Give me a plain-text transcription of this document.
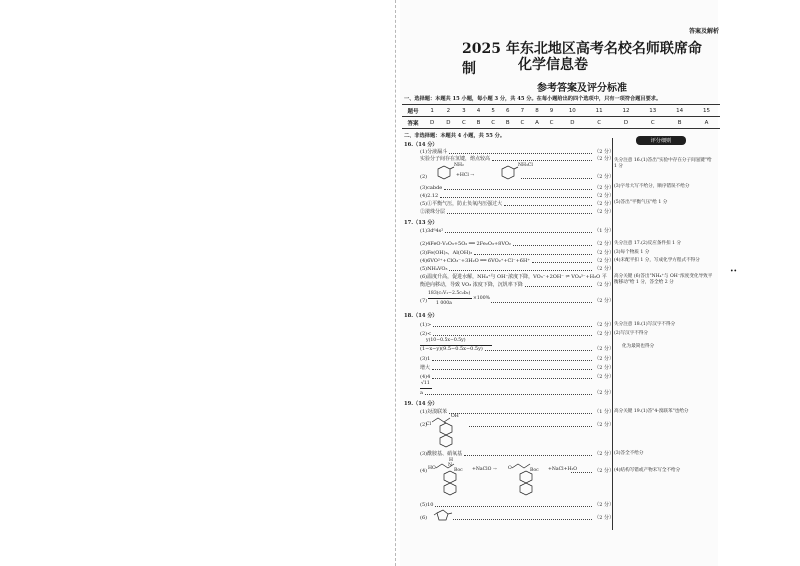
答案及解析
2025 年东北地区高考名校名师联席命制	化学信息卷
参考答案及评分标准
一、选择题：本题共 15 小题，每小题 3 分，共 45 分。在每小题给出的四个选项中，只有一项符合题目要求。
题号	1	2	3	4	5	6	7	8	9	10	11	12	13	14	15
答案	D	D	C	B	C	B	C	A	C	D	C	D	C	B	A
二、非选择题：本题共 4 小题，共 55 分。
评分细则
16.（14 分）
(1)分液漏斗	（2 分）
实验分子间存在氢键，熔点较高	（2 分）
(2)	（2 分）
NH₂
+HCl →
NH₃Cl
(3)cabde	（2 分）
(4)2.12	（2 分）
(5)①平衡气压，防止负氧内压强过大	（2 分）
②滚珠分层	（2 分）
失分注意 16.(1)答出"实验中存在分子间氢键"给 1 分
(3)字母大写不给分，顺序错误不给分
(5)答出"平衡气压"给 1 分
17.（13 分）
(1)3d⁶4s²	（1 分）
(2)4FeO·V₂O₃+5O₂ ══ 2Fe₂O₃+8VO₂	（2 分）
(3)Fe(OH)₃、Al(OH)₃	（2 分）
(4)6VO²⁺+ClO₃⁻+3H₂O ══ 6VO₂⁺+Cl⁻+6H⁺	（2 分）
(5)NH₄VO₃	（2 分）
(6)温度升高，促进水解，NH₄⁺与 OH⁻浓度下降，VO₃⁻+2OH⁻ ⇌ VO₄³⁻+H₂O 平
衡逆向移动，导致 VO₃ 浓度下降，沉钒率下降	（2 分）
(7)	（2 分）
183(c₁V₁−2.5c₂b₂)
1 000a
×100%
失分注意 17.(2)反应条件扣 1 分
(3)每个物质 1 分
(4)未配平扣 1 分，写成化学方程式不得分
高分关键 (6)答出"NH₄⁺与 OH⁻浓度变化导致平衡移动"给 1 分，答全给 2 分
18.（14 分）
(1)>	（2 分）
(2)<	（2 分）
y(10−0.5x−0.5y)
(1−x−y)(9.5−0.5x−0.5y)	（2 分）
(3)1	（2 分）
增大	（2 分）
(4)4	（2 分）
√11
a	（2 分）
失分注意 18.(1)写汉字不得分
(2)写汉字不得分
化为最简也得分
19.（14 分）
(1)対溴联苯	（1 分）
(2)	（2 分）
OH
Cl
(3)酰胺基、硝氧基	（2 分）
(4)	（2 分）
HO
H
N
Boc +NaClO → O	Boc +NaCl+H₂O
(5)10	（2 分）
(6)	（2 分）
高分关键 19.(1)答"4-溴联苯"也给分
(3)答全不给分
(4)结构写错或产物未写全不给分
••
